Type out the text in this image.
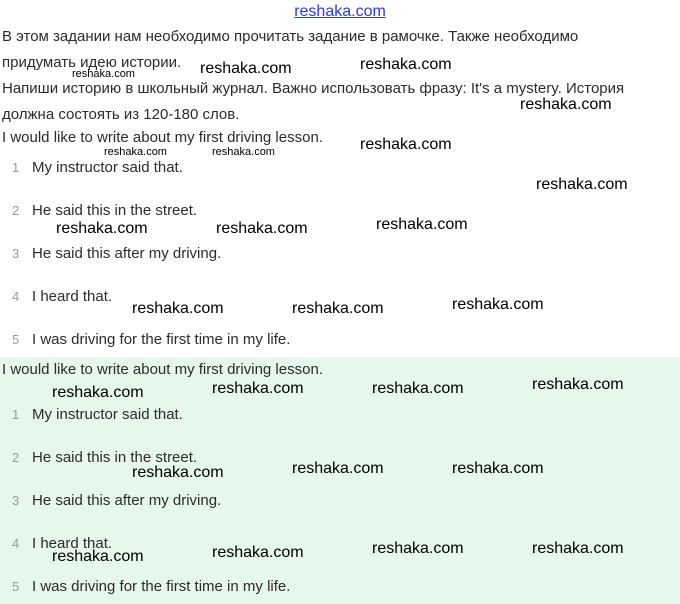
reshaka.com

В этом задании нам необходимо прочитать задание в рамочке. Также необходимо

придумать идею истории.

Напиши историю в школьный журнал. Важно использовать фразу: It's a mystery. История

должна состоять из 120-180 слов.

I would like to write about my first driving lesson.
1 My instructor said that.
2 He said this in the street.
3 He said this after my driving.
4 I heard that.
5 I was driving for the first time in my life.
I would like to write about my first driving lesson.
1 My instructor said that.
2 He said this in the street.
3 He said this after my driving.
4 I heard that.
5 I was driving for the first time in my life.
reshaka.com	reshaka.com	reshaka.com
reshaka.com
reshaka.com	reshaka.com	reshaka.com
reshaka.com
reshaka.com	reshaka.com	reshaka.com
reshaka.com	reshaka.com	reshaka.com
reshaka.com	reshaka.com	reshaka.com	reshaka.com
reshaka.com	reshaka.com	reshaka.com
reshaka.com	reshaka.com	reshaka.com	reshaka.com
